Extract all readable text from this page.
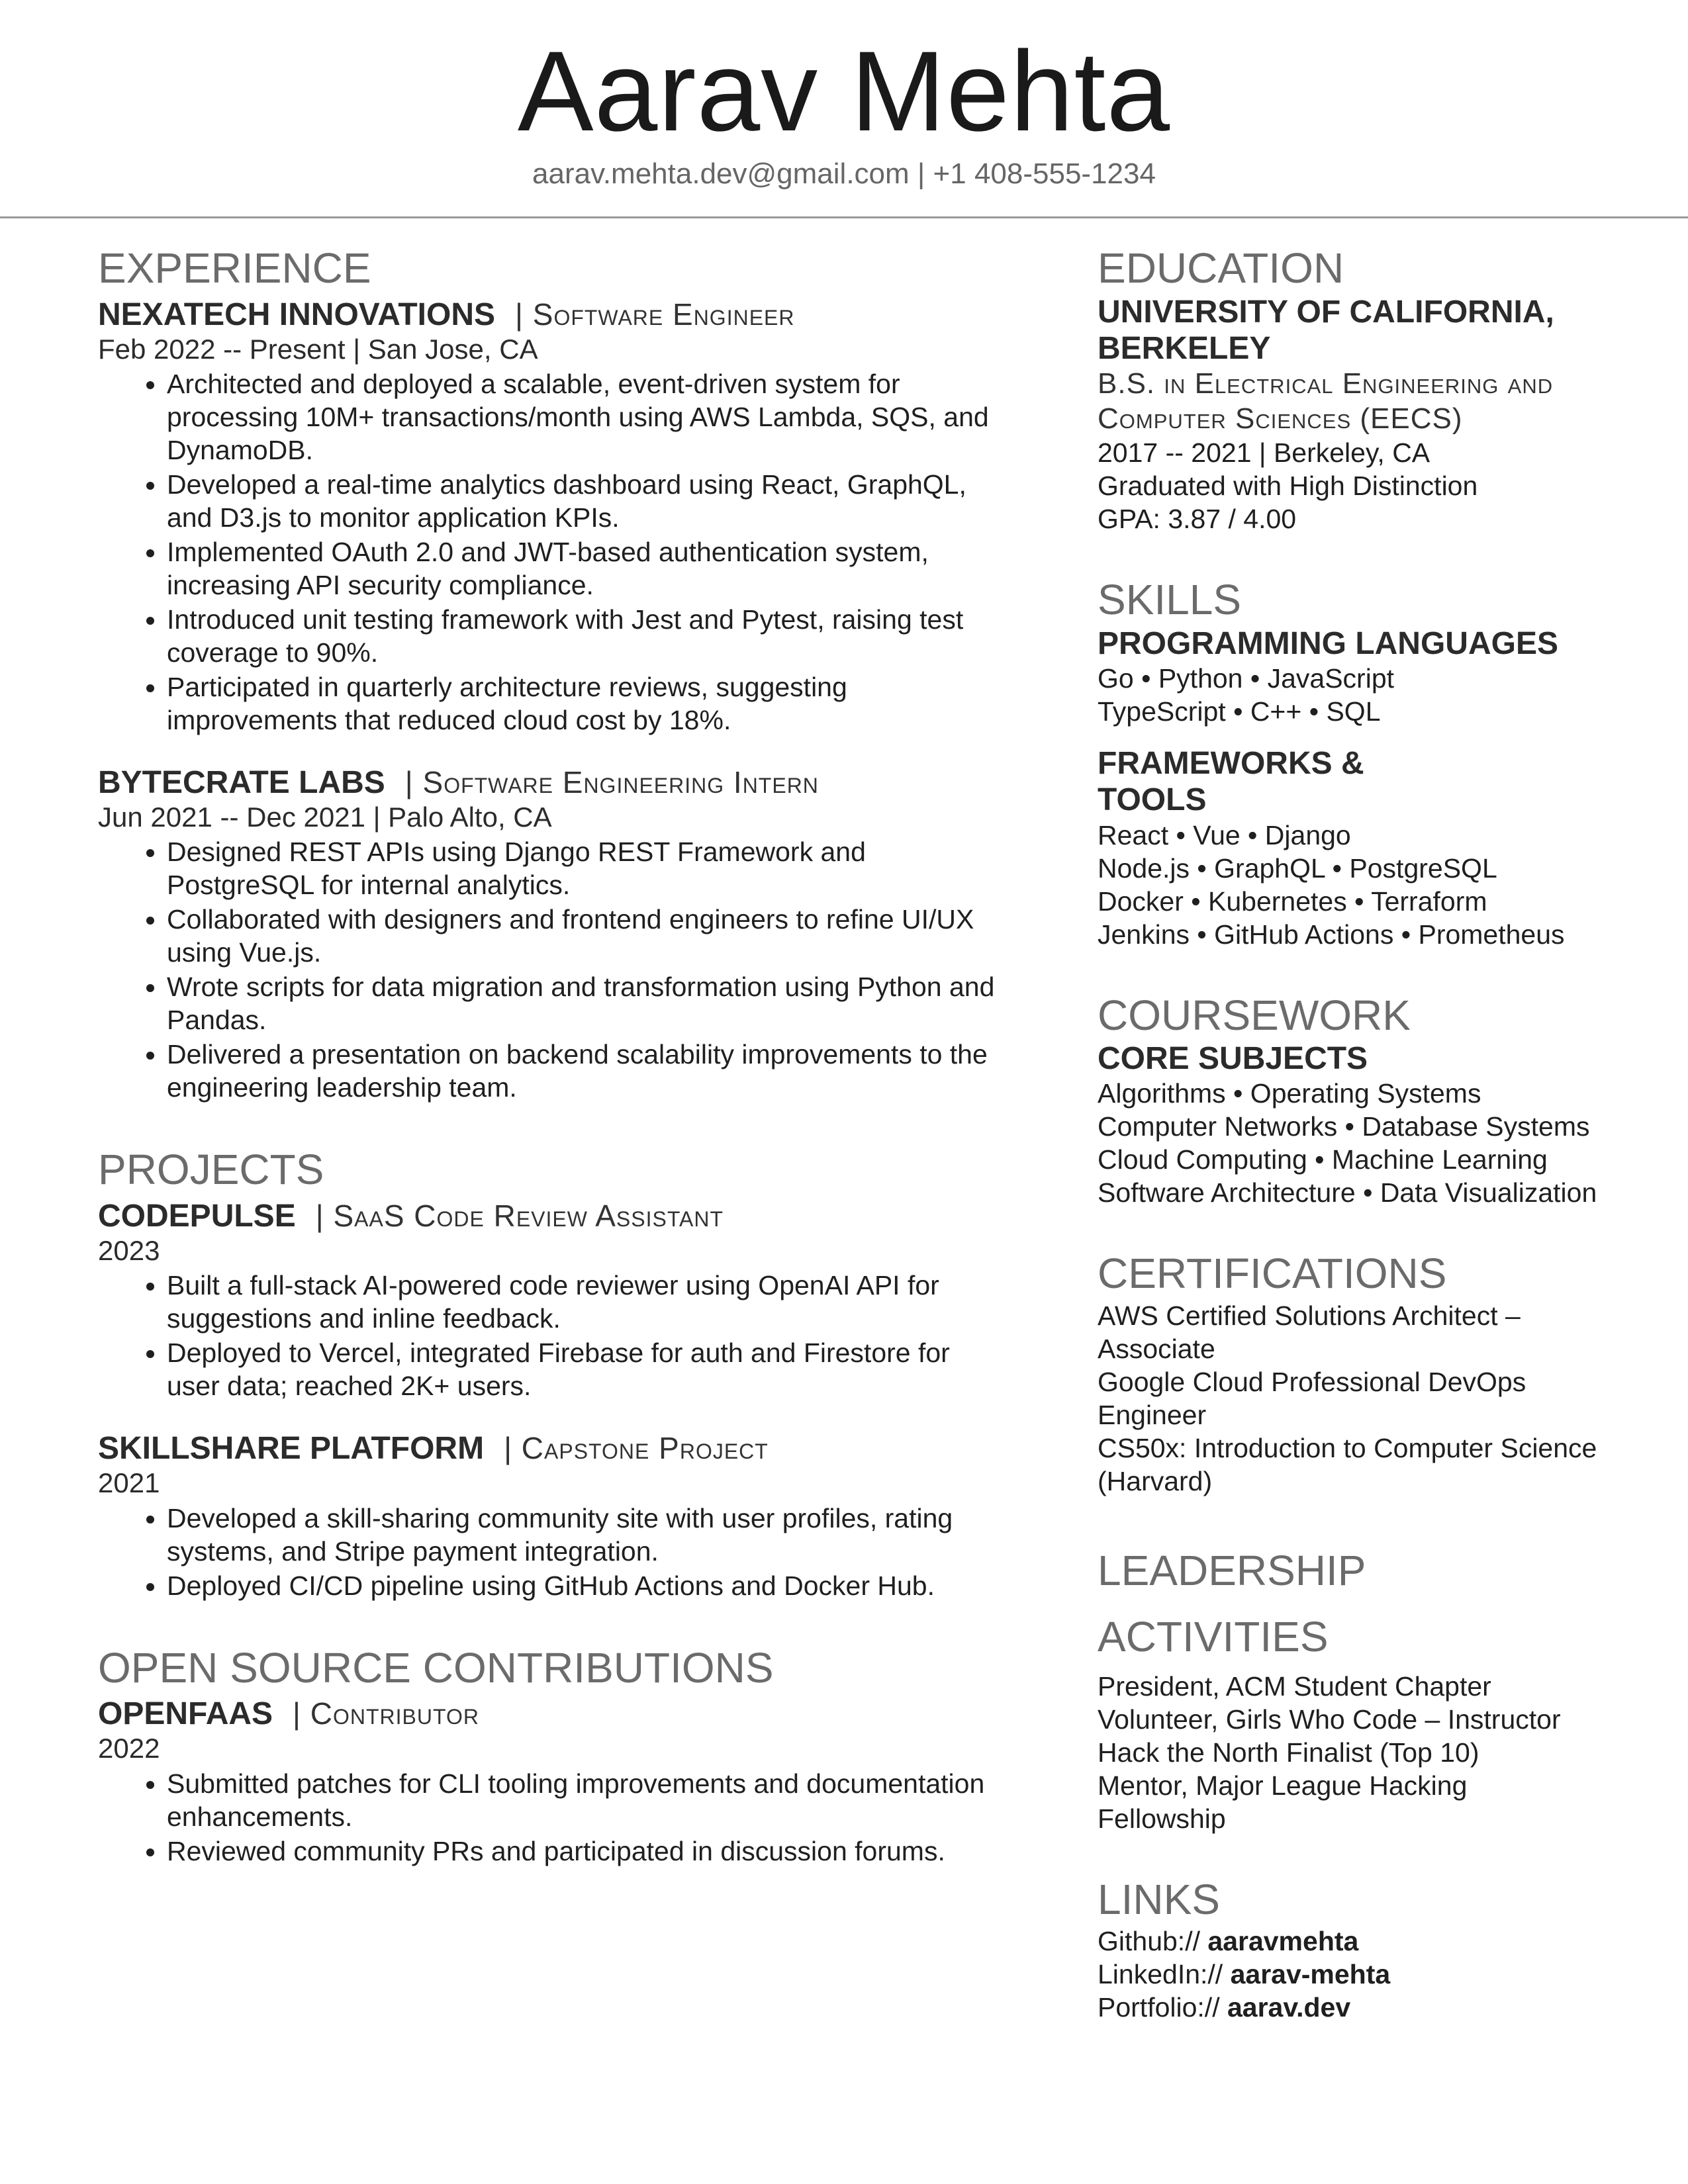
Aarav Mehta
aarav.mehta.dev@gmail.com | +1 408-555-1234
EXPERIENCE
NEXATECH INNOVATIONS | Software Engineer
Feb 2022 -- Present | San Jose, CA
• Architected and deployed a scalable, event-driven system for processing 10M+ transactions/month using AWS Lambda, SQS, and DynamoDB.
• Developed a real-time analytics dashboard using React, GraphQL, and D3.js to monitor application KPIs.
• Implemented OAuth 2.0 and JWT-based authentication system, increasing API security compliance.
• Introduced unit testing framework with Jest and Pytest, raising test coverage to 90%.
• Participated in quarterly architecture reviews, suggesting improvements that reduced cloud cost by 18%.
BYTECRATE LABS | Software Engineering Intern
Jun 2021 -- Dec 2021 | Palo Alto, CA
• Designed REST APIs using Django REST Framework and PostgreSQL for internal analytics.
• Collaborated with designers and frontend engineers to refine UI/UX using Vue.js.
• Wrote scripts for data migration and transformation using Python and Pandas.
• Delivered a presentation on backend scalability improvements to the engineering leadership team.
PROJECTS
CODEPULSE | SaaS Code Review Assistant
2023
• Built a full-stack AI-powered code reviewer using OpenAI API for suggestions and inline feedback.
• Deployed to Vercel, integrated Firebase for auth and Firestore for user data; reached 2K+ users.
SKILLSHARE PLATFORM | Capstone Project
2021
• Developed a skill-sharing community site with user profiles, rating systems, and Stripe payment integration.
• Deployed CI/CD pipeline using GitHub Actions and Docker Hub.
OPEN SOURCE CONTRIBUTIONS
OPENFAAS | Contributor
2022
• Submitted patches for CLI tooling improvements and documentation enhancements.
• Reviewed community PRs and participated in discussion forums.
EDUCATION
UNIVERSITY OF CALIFORNIA, BERKELEY
B.S. in Electrical Engineering and Computer Sciences (EECS)
2017 -- 2021 | Berkeley, CA
Graduated with High Distinction
GPA: 3.87 / 4.00
SKILLS
PROGRAMMING LANGUAGES
Go • Python • JavaScript
TypeScript • C++ • SQL
FRAMEWORKS & TOOLS
React • Vue • Django
Node.js • GraphQL • PostgreSQL
Docker • Kubernetes • Terraform
Jenkins • GitHub Actions • Prometheus
COURSEWORK
CORE SUBJECTS
Algorithms • Operating Systems Computer Networks • Database Systems Cloud Computing • Machine Learning Software Architecture • Data Visualization
CERTIFICATIONS
AWS Certified Solutions Architect – Associate
Google Cloud Professional DevOps Engineer
CS50x: Introduction to Computer Science (Harvard)
LEADERSHIP ACTIVITIES
President, ACM Student Chapter
Volunteer, Girls Who Code – Instructor
Hack the North Finalist (Top 10)
Mentor, Major League Hacking Fellowship
LINKS
Github:// aaravmehta
LinkedIn:// aarav-mehta
Portfolio:// aarav.dev
